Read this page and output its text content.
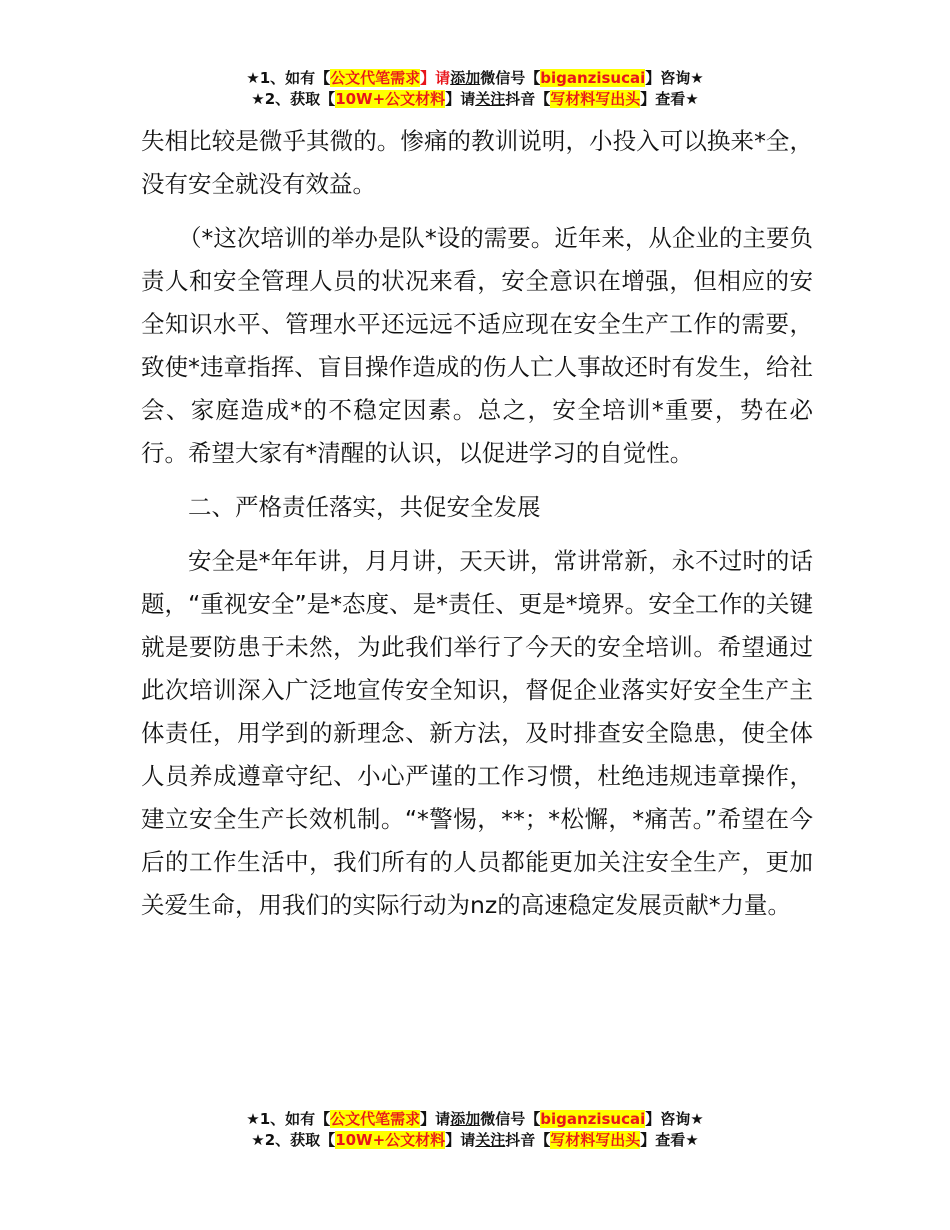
★1、如有【公文代笔需求】请添加微信号【biganzisucai】咨询★
★2、获取【10W+公文材料】请关注抖音【写材料写出头】查看★

失相比较是微乎其微的。惨痛的教训说明，小投入可以换来*全，没有安全就没有效益。

（*这次培训的举办是队*设的需要。近年来，从企业的主要负责人和安全管理人员的状况来看，安全意识在增强，但相应的安全知识水平、管理水平还远远不适应现在安全生产工作的需要，致使*违章指挥、盲目操作造成的伤人亡人事故还时有发生，给社会、家庭造成*的不稳定因素。总之，安全培训*重要，势在必行。希望大家有*清醒的认识，以促进学习的自觉性。

二、严格责任落实，共促安全发展

安全是*年年讲，月月讲，天天讲，常讲常新，永不过时的话题，“重视安全”是*态度、是*责任、更是*境界。安全工作的关键就是要防患于未然，为此我们举行了今天的安全培训。希望通过此次培训深入广泛地宣传安全知识，督促企业落实好安全生产主体责任，用学到的新理念、新方法，及时排查安全隐患，使全体人员养成遵章守纪、小心严谨的工作习惯，杜绝违规违章操作，建立安全生产长效机制。“*警惕，**；*松懈，*痛苦。”希望在今后的工作生活中，我们所有的人员都能更加关注安全生产，更加关爱生命，用我们的实际行动为nz的高速稳定发展贡献*力量。

★1、如有【公文代笔需求】请添加微信号【biganzisucai】咨询★
★2、获取【10W+公文材料】请关注抖音【写材料写出头】查看★
